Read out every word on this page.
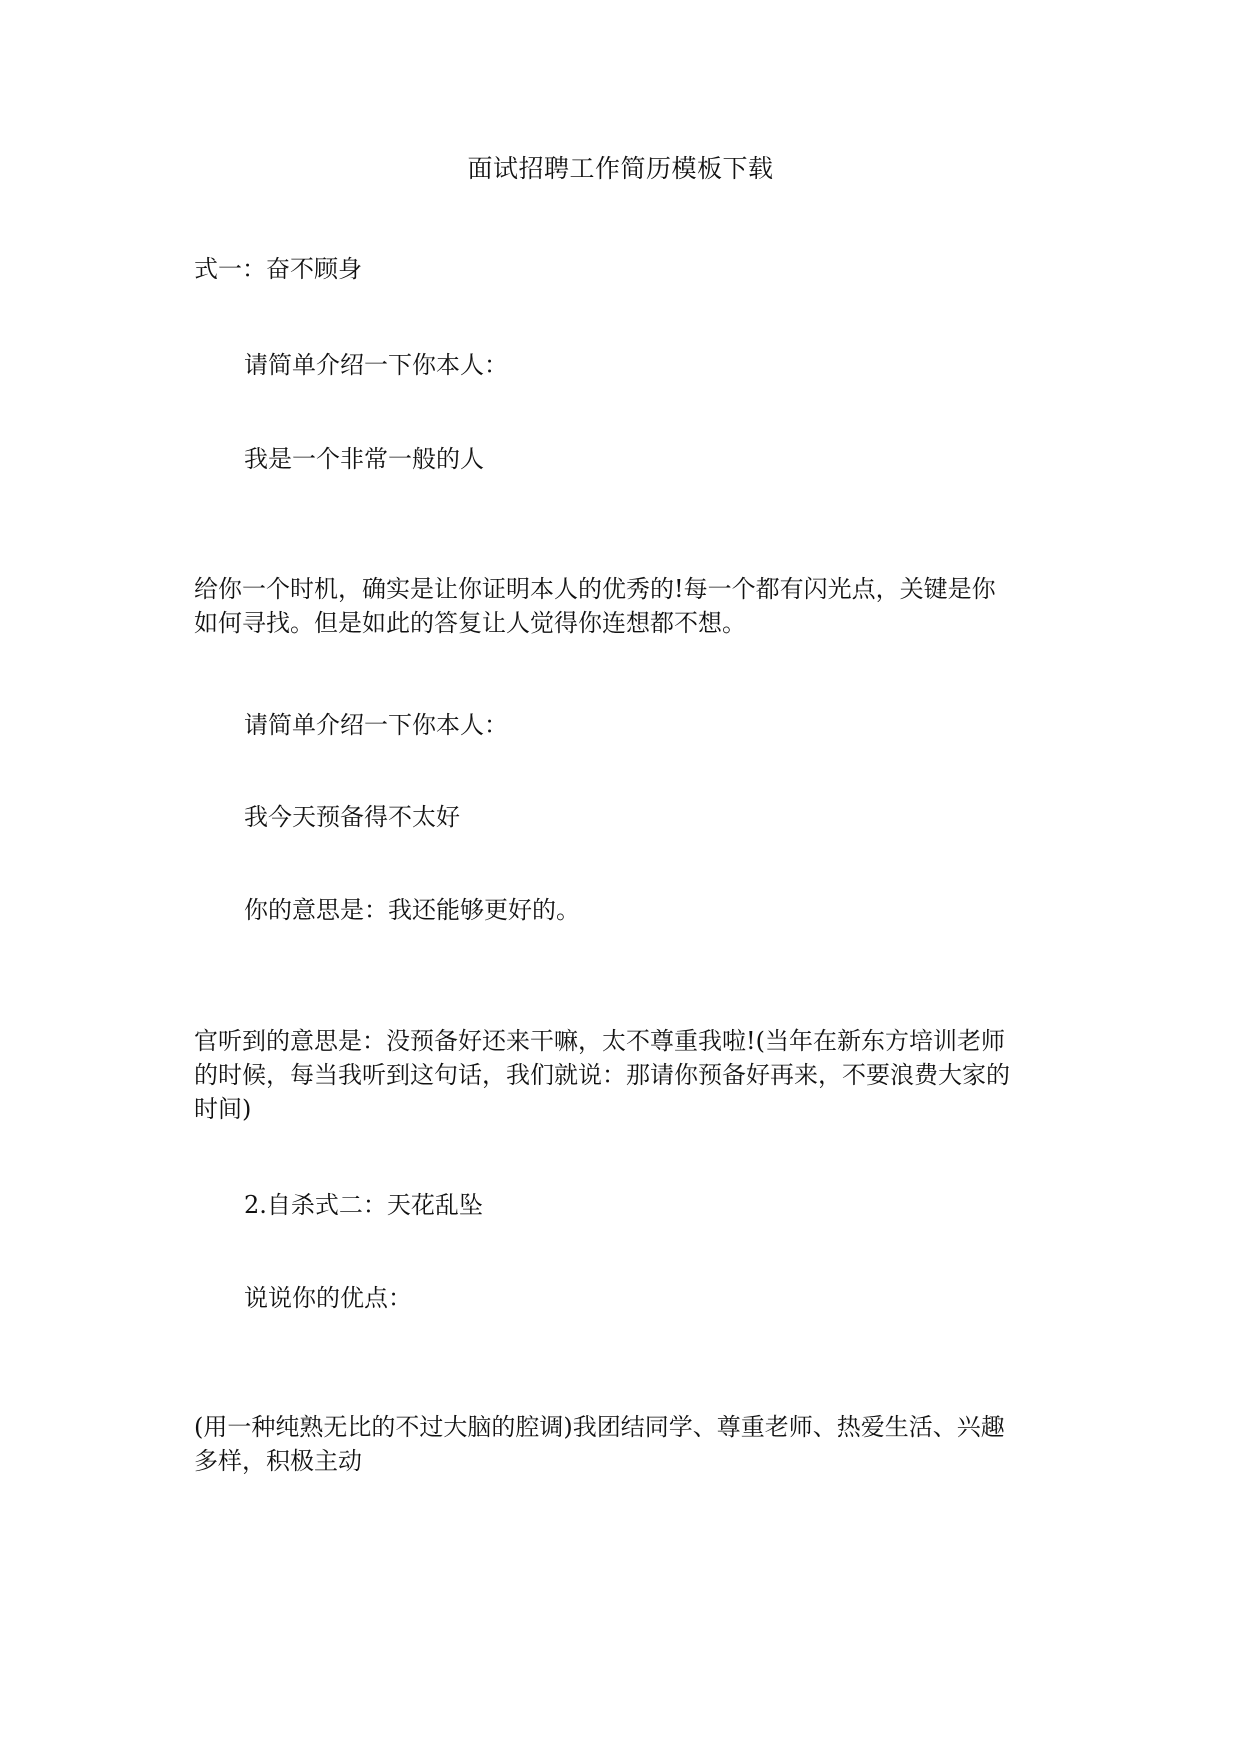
面试招聘工作简历模板下载

式一：奋不顾身

请简单介绍一下你本人：

我是一个非常一般的人

给你一个时机，确实是让你证明本人的优秀的!每一个都有闪光点，关键是你
如何寻找。但是如此的答复让人觉得你连想都不想。

请简单介绍一下你本人：

我今天预备得不太好

你的意思是：我还能够更好的。

官听到的意思是：没预备好还来干嘛，太不尊重我啦!(当年在新东方培训老师
的时候，每当我听到这句话，我们就说：那请你预备好再来，不要浪费大家的
时间)

2.自杀式二：天花乱坠

说说你的优点：

(用一种纯熟无比的不过大脑的腔调)我团结同学、尊重老师、热爱生活、兴趣
多样，积极主动
